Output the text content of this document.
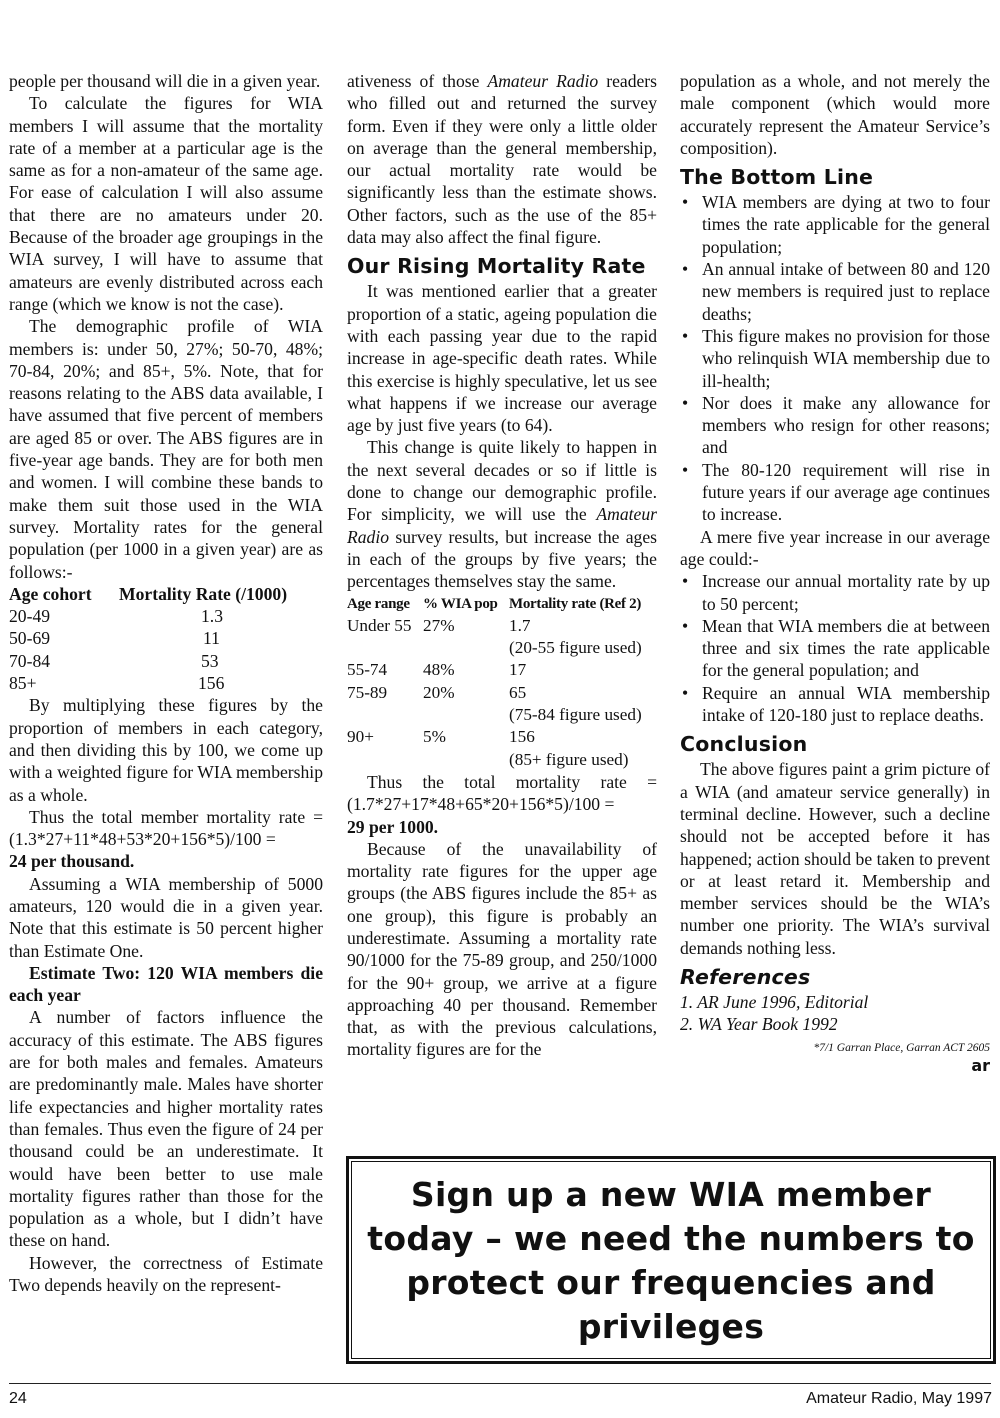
people per thousand will die in a given year.

To calculate the figures for WIA members I will assume that the mortality rate of a member at a particular age is the same as for a non-amateur of the same age. For ease of calculation I will also assume that there are no amateurs under 20. Because of the broader age groupings in the WIA survey, I will have to assume that amateurs are evenly distributed across each range (which we know is not the case).

The demographic profile of WIA members is: under 50, 27%; 50-70, 48%; 70-84, 20%; and 85+, 5%. Note, that for reasons relating to the ABS data available, I have assumed that five percent of members are aged 85 or over. The ABS figures are in five-year age bands. They are for both men and women. I will combine these bands to make them suit those used in the WIA survey. Mortality rates for the general population (per 1000 in a given year) are as follows:-

Age cohort	Mortality Rate (/1000)
20-49	1.3
50-69	11
70-84	53
85+	156

By multiplying these figures by the proportion of members in each category, and then dividing this by 100, we come up with a weighted figure for WIA membership as a whole.

Thus the total member mortality rate = (1.3*27+11*48+53*20+156*5)/100 =

24 per thousand.

Assuming a WIA membership of 5000 amateurs, 120 would die in a given year. Note that this estimate is 50 percent higher than Estimate One.

Estimate Two: 120 WIA members die each year

A number of factors influence the accuracy of this estimate. The ABS figures are for both males and females. Amateurs are predominantly male. Males have shorter life expectancies and higher mortality rates than females. Thus even the figure of 24 per thousand could be an underestimate. It would have been better to use male mortality figures rather than those for the population as a whole, but I didn’t have these on hand.

However, the correctness of Estimate Two depends heavily on the represent-

ativeness of those Amateur Radio readers who filled out and returned the survey form. Even if they were only a little older on average than the general membership, our actual mortality rate would be significantly less than the estimate shows. Other factors, such as the use of the 85+ data may also affect the final figure.

Our Rising Mortality Rate

It was mentioned earlier that a greater proportion of a static, ageing population die with each passing year due to the rapid increase in age-specific death rates. While this exercise is highly speculative, let us see what happens if we increase our average age by just five years (to 64).

This change is quite likely to happen in the next several decades or so if little is done to change our demographic profile. For simplicity, we will use the Amateur Radio survey results, but increase the ages in each of the groups by five years; the percentages themselves stay the same.

Age range	% WIA pop	Mortality rate (Ref 2)
Under 55	27%	1.7
		(20-55 figure used)
55-74	48%	17
75-89	20%	65
		(75-84 figure used)
90+	5%	156
		(85+ figure used)

Thus the total mortality rate = (1.7*27+17*48+65*20+156*5)/100 =

29 per 1000.

Because of the unavailability of mortality rate figures for the upper age groups (the ABS figures include the 85+ as one group), this figure is probably an underestimate. Assuming a mortality rate 90/1000 for the 75-89 group, and 250/1000 for the 90+ group, we arrive at a figure approaching 40 per thousand. Remember that, as with the previous calculations, mortality figures are for the

population as a whole, and not merely the male component (which would more accurately represent the Amateur Service’s composition).

The Bottom Line
• WIA members are dying at two to four times the rate applicable for the general population;
• An annual intake of between 80 and 120 new members is required just to replace deaths;
• This figure makes no provision for those who relinquish WIA membership due to ill-health;
• Nor does it make any allowance for members who resign for other reasons; and
• The 80-120 requirement will rise in future years if our average age continues to increase.

A mere five year increase in our average age could:-

• Increase our annual mortality rate by up to 50 percent;
• Mean that WIA members die at between three and six times the rate applicable for the general population; and
• Require an annual WIA membership intake of 120-180 just to replace deaths.
Conclusion

The above figures paint a grim picture of a WIA (and amateur service generally) in terminal decline. However, such a decline should not be accepted before it has happened; action should be taken to prevent or at least retard it. Membership and member services should be the WIA’s number one priority. The WIA’s survival demands nothing less.

References

1. AR June 1996, Editorial

2. WA Year Book 1992

*7/1 Garran Place, Garran ACT 2605
ar
Sign up a new WIA member
today – we need the numbers to
protect our frequencies and
privileges
24	Amateur Radio, May 1997
